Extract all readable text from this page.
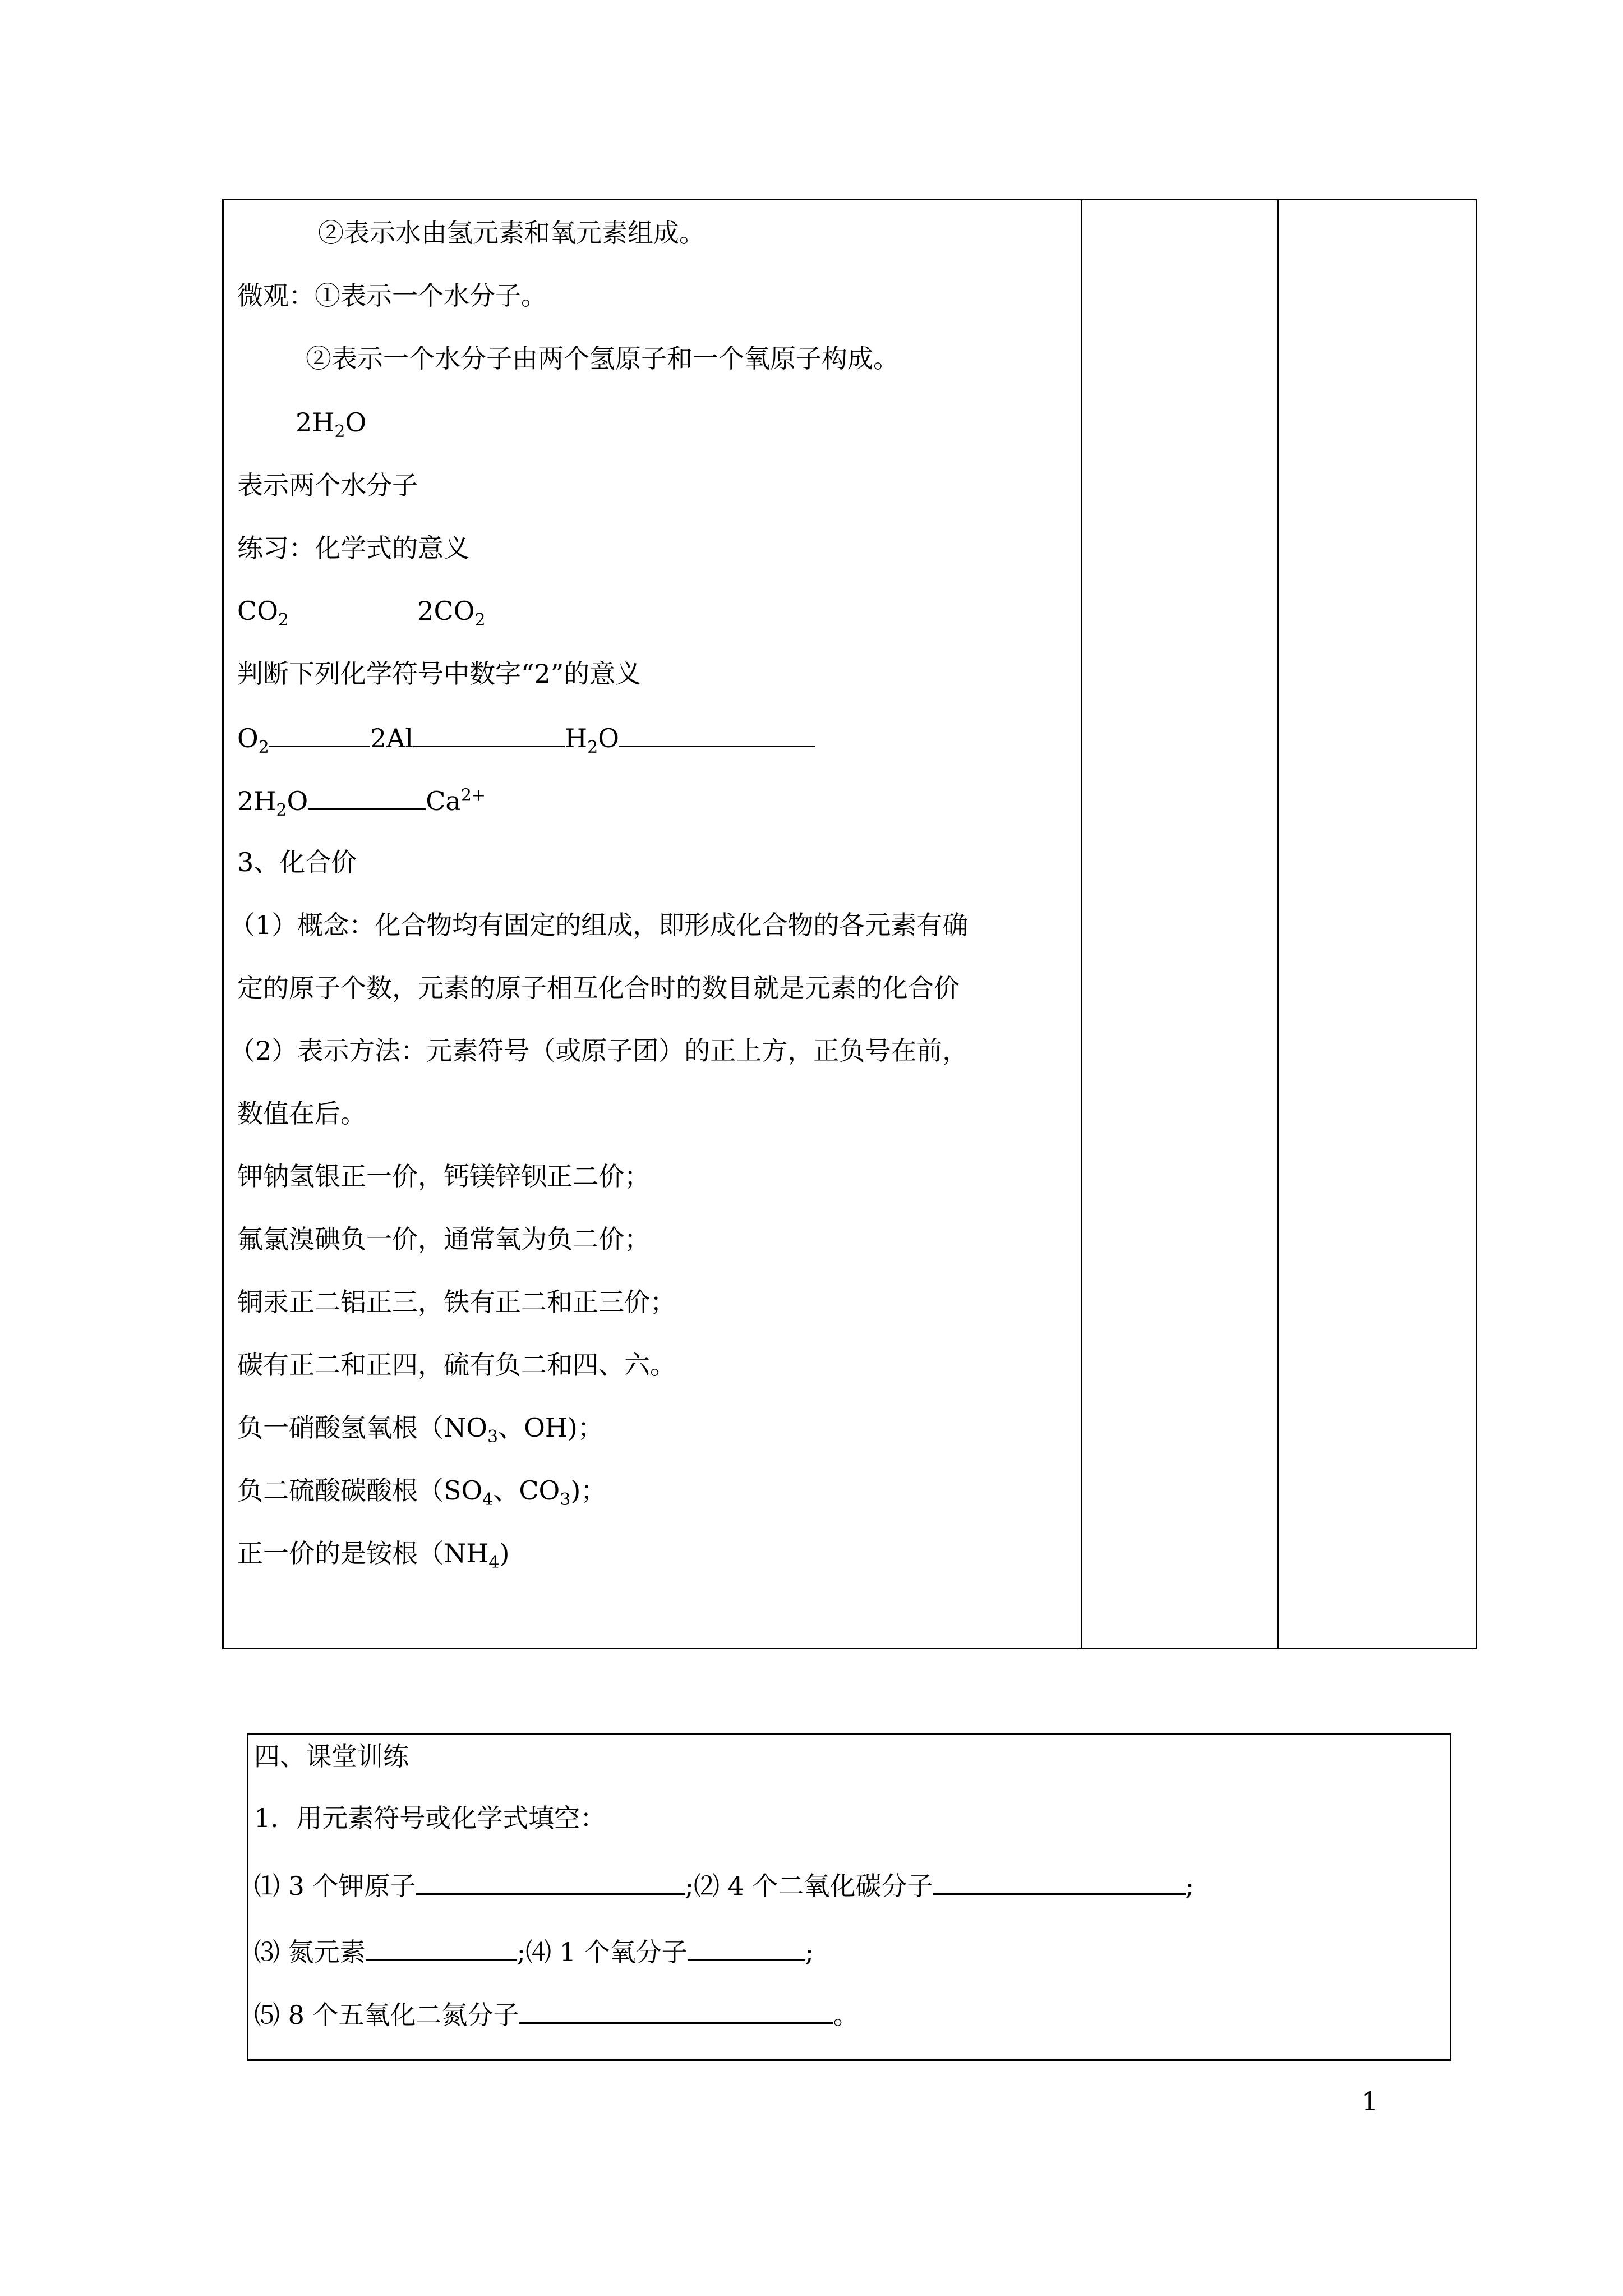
②表示水由氢元素和氧元素组成。
微观：①表示一个水分子。
②表示一个水分子由两个氢原子和一个氧原子构成。
$2H_2O$
表示两个水分子
练习：化学式的意义
$CO_2$	$2CO_2$
判断下列化学符号中数字“2”的意义
$O_2$	2Al	$H_2O$
$2H_2O$	$Ca^{2+}$
3、化合价
（1）概念：化合物均有固定的组成，即形成化合物的各元素有确
定的原子个数，元素的原子相互化合时的数目就是元素的化合价
（2）表示方法：元素符号（或原子团）的正上方，正负号在前，
数值在后。
钾钠氢银正一价，钙镁锌钡正二价；
氟氯溴碘负一价，通常氧为负二价；
铜汞正二铝正三，铁有正二和正三价；
碳有正二和正四，硫有负二和四、六。
负一硝酸氢氧根（$NO_3$、OH)；
负二硫酸碳酸根（$SO_4$、$CO_3$)；
正一价的是铵根$(NH_4)$
四、课堂训练
1．用元素符号或化学式填空：
⑴ 3 个钾原子	;⑵ 4 个二氧化碳分子	;
⑶ 氮元素	;⑷ 1 个氧分子	;
⑸ 8 个五氧化二氮分子	。
1
